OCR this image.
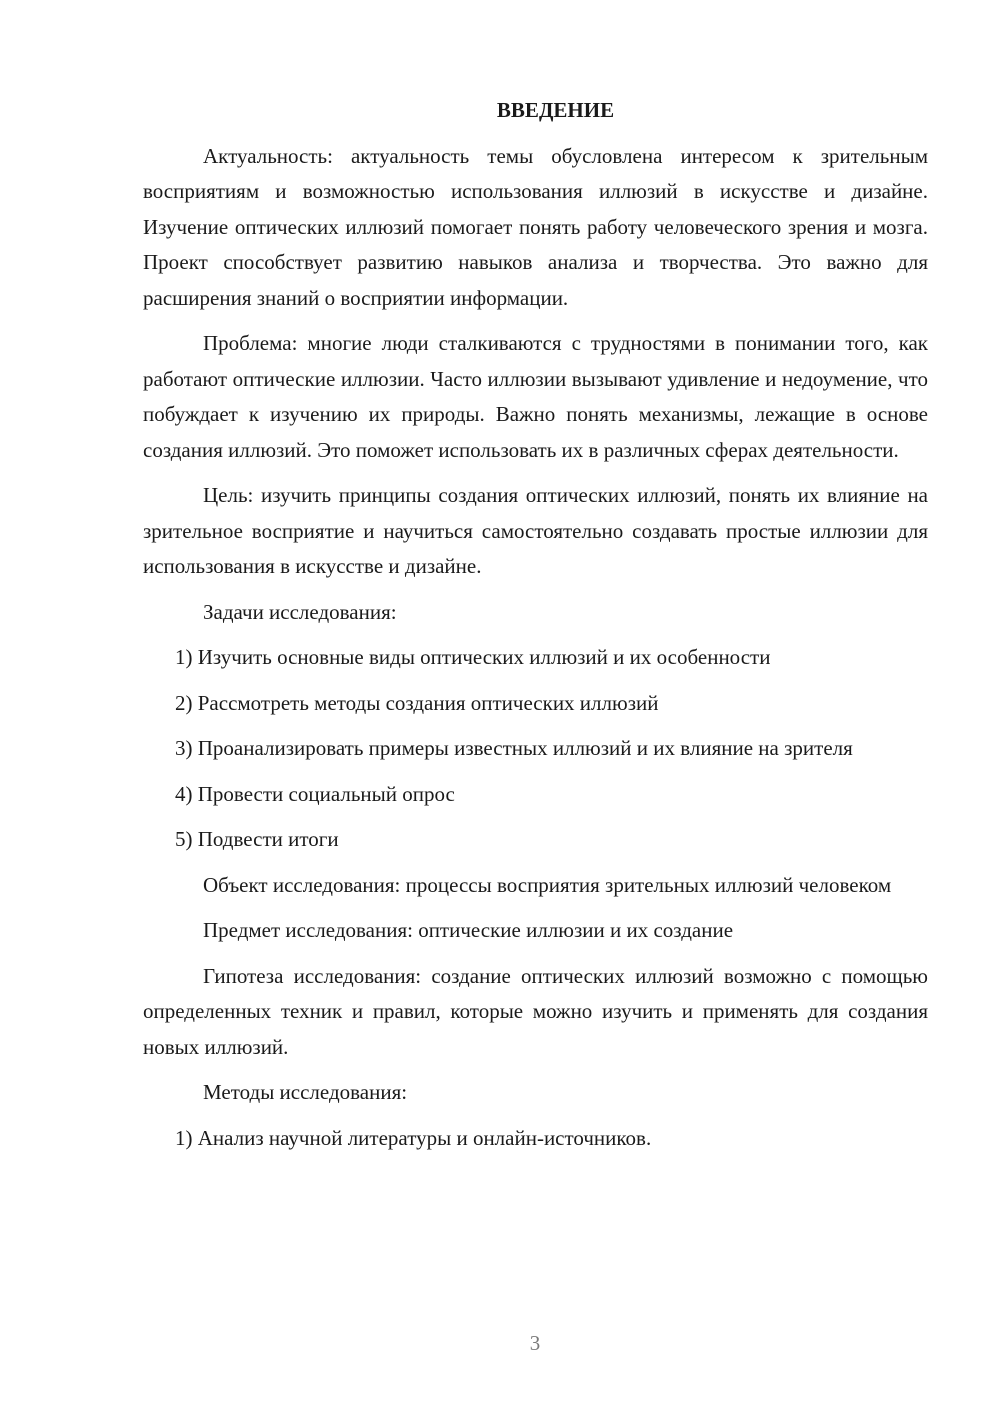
ВВЕДЕНИЕ

Актуальность: актуальность темы обусловлена интересом к зрительным восприятиям и возможностью использования иллюзий в искусстве и дизайне. Изучение оптических иллюзий помогает понять работу человеческого зрения и мозга. Проект способствует развитию навыков анализа и творчества. Это важно для расширения знаний о восприятии информации.

Проблема: многие люди сталкиваются с трудностями в понимании того, как работают оптические иллюзии. Часто иллюзии вызывают удивление и недоумение, что побуждает к изучению их природы. Важно понять механизмы, лежащие в основе создания иллюзий. Это поможет использовать их в различных сферах деятельности.

Цель: изучить принципы создания оптических иллюзий, понять их влияние на зрительное восприятие и научиться самостоятельно создавать простые иллюзии для использования в искусстве и дизайне.

Задачи исследования:

1) Изучить основные виды оптических иллюзий и их особенности

2) Рассмотреть методы создания оптических иллюзий

3) Проанализировать примеры известных иллюзий и их влияние на зрителя

4) Провести социальный опрос

5) Подвести итоги

Объект исследования: процессы восприятия зрительных иллюзий человеком

Предмет исследования: оптические иллюзии и их создание

Гипотеза исследования: создание оптических иллюзий возможно с помощью определенных техник и правил, которые можно изучить и применять для создания новых иллюзий.

Методы исследования:

1) Анализ научной литературы и онлайн-источников.

3
